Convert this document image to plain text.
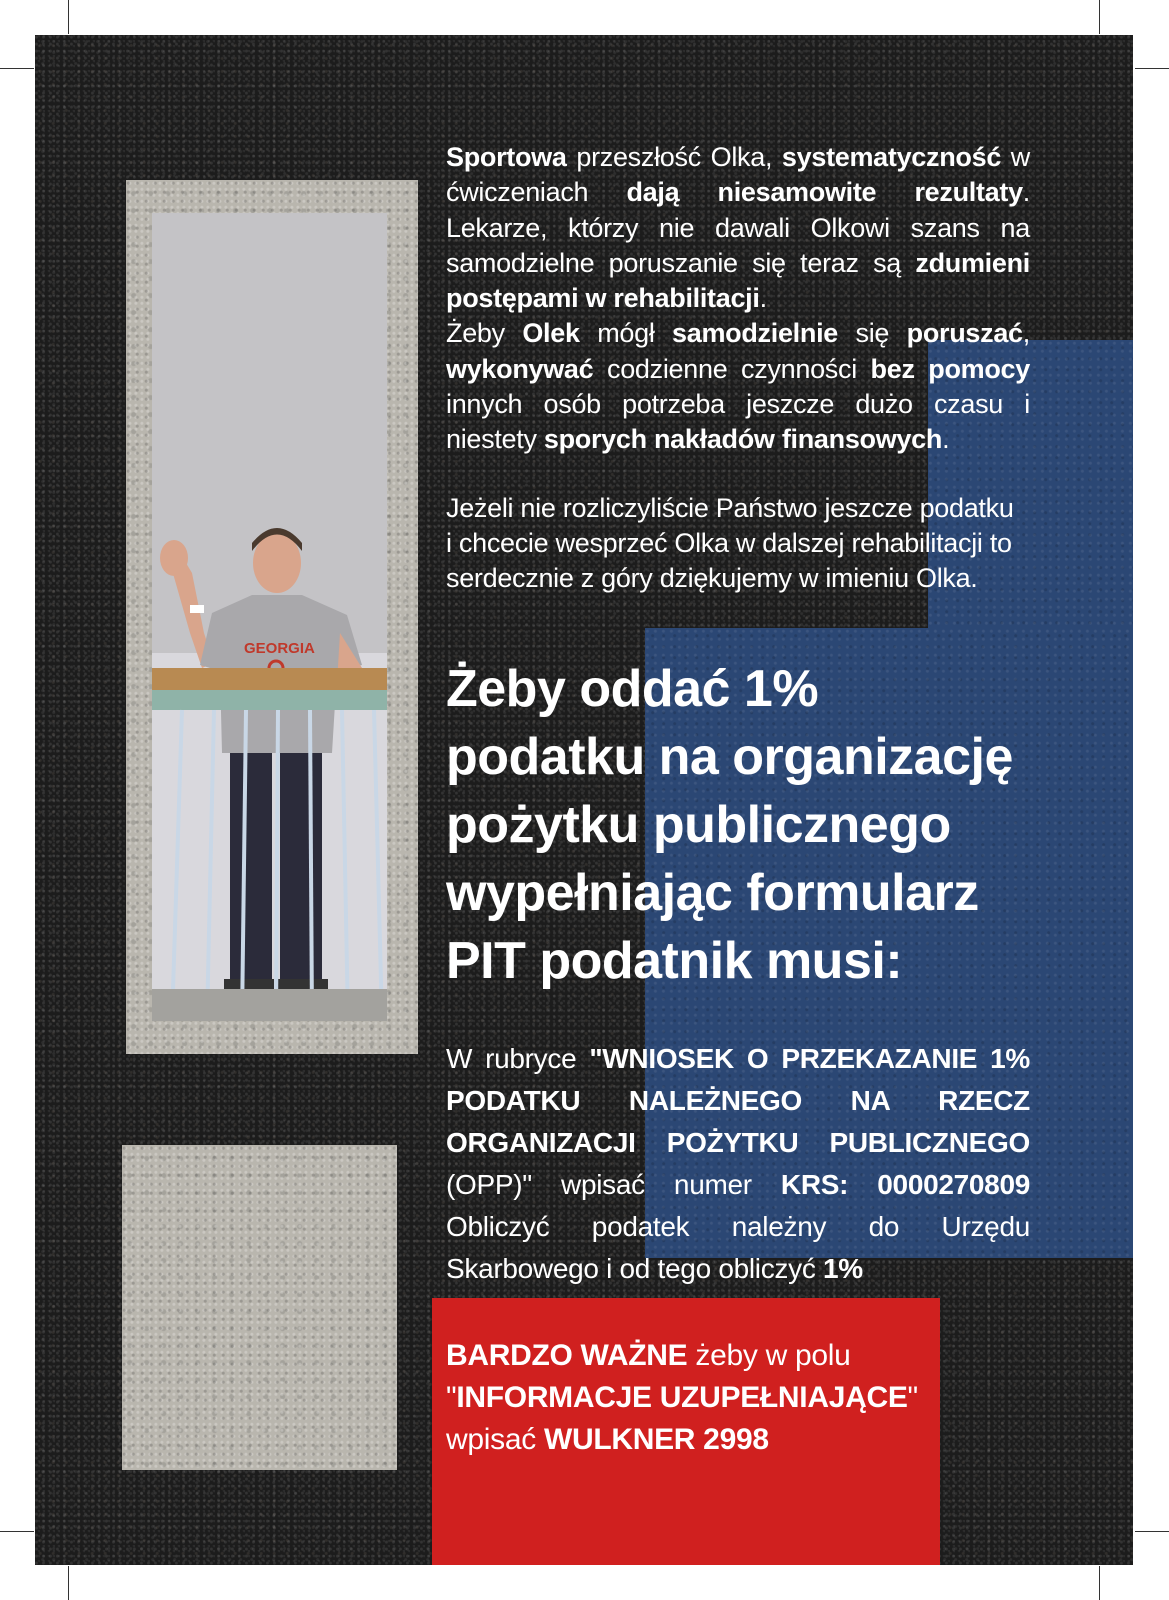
GEORGIA
Sportowa przeszłość Olka, systematyczność w ćwiczeniach dają niesamowite rezultaty. Lekarze, którzy nie dawali Olkowi szans na samodzielne poruszanie się teraz są zdumieni postępami w rehabilitacji.
Żeby Olek mógł samodzielnie się poruszać, wykonywać codzienne czynności bez pomocy innych osób potrzeba jeszcze dużo czasu i niestety sporych nakładów finansowych.
Jeżeli nie rozliczyliście Państwo jeszcze podatku
i chcecie wesprzeć Olka w dalszej rehabilitacji to
serdecznie z góry dziękujemy w imieniu Olka.
Żeby oddać 1%
podatku na organizację
pożytku publicznego
wypełniając formularz
PIT podatnik musi:
W rubryce "WNIOSEK O PRZEKAZANIE 1% PODATKU NALEŻNEGO NA RZECZ ORGANIZACJI POŻYTKU PUBLICZNEGO (OPP)" wpisać numer KRS: 0000270809 Obliczyć podatek należny do Urzędu Skarbowego i od tego obliczyć 1%
BARDZO WAŻNE żeby w polu
"INFORMACJE UZUPEŁNIAJĄCE"
wpisać WULKNER 2998
